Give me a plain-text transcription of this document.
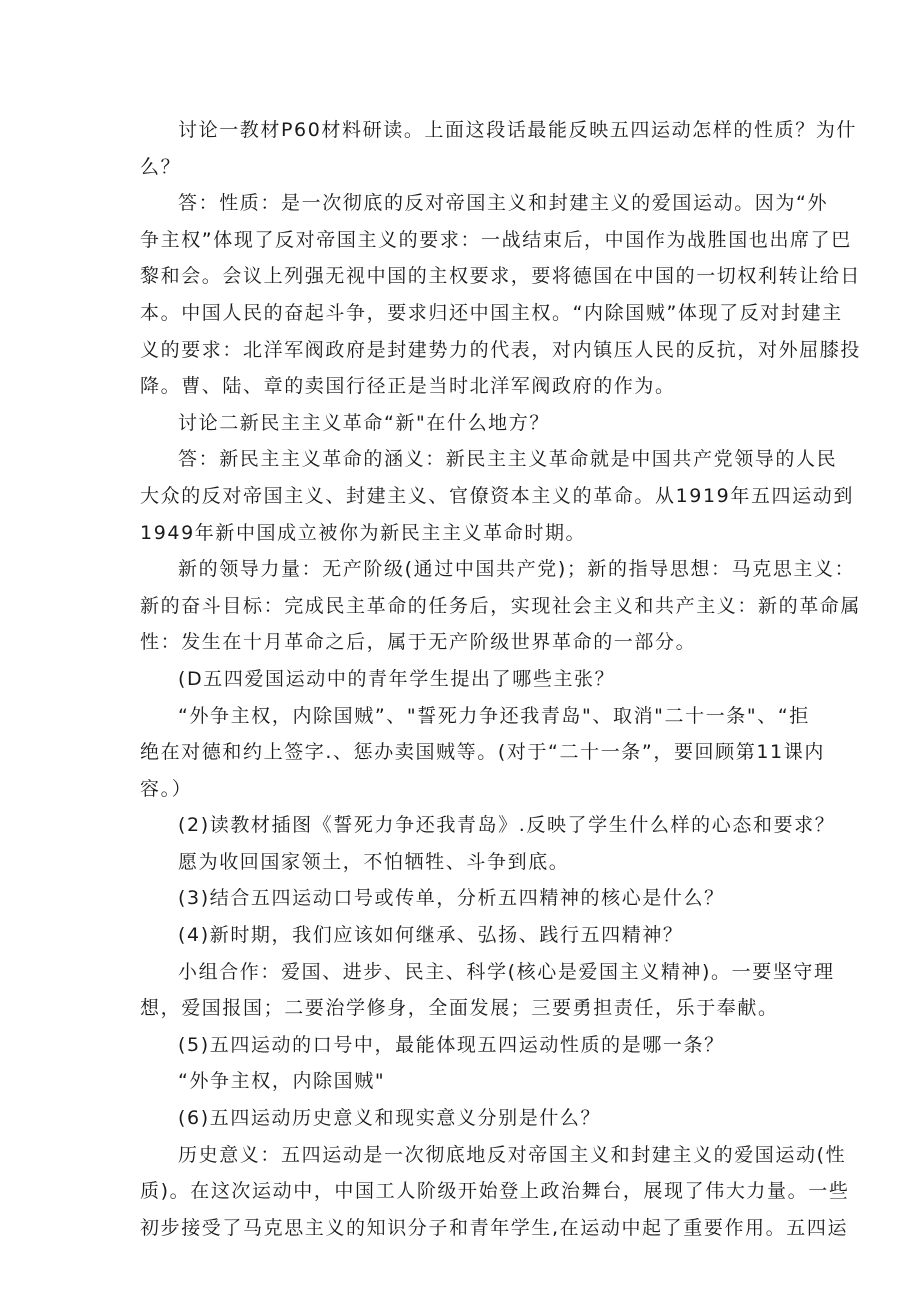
讨论一教材P60材料研读。上面这段话最能反映五四运动怎样的性质？为什
么？
答：性质：是一次彻底的反对帝国主义和封建主义的爱国运动。因为“外
争主权”体现了反对帝国主义的要求：一战结束后，中国作为战胜国也出席了巴
黎和会。会议上列强无视中国的主权要求，要将德国在中国的一切权利转让给日
本。中国人民的奋起斗争，要求归还中国主权。“内除国贼”体现了反对封建主
义的要求：北洋军阀政府是封建势力的代表，对内镇压人民的反抗，对外屈膝投
降。曹、陆、章的卖国行径正是当时北洋军阀政府的作为。
讨论二新民主主义革命“新"在什么地方？
答：新民主主义革命的涵义：新民主主义革命就是中国共产党领导的人民
大众的反对帝国主义、封建主义、官僚资本主义的革命。从1919年五四运动到
1949年新中国成立被你为新民主主义革命时期。
新的领导力量：无产阶级(通过中国共产党)；新的指导思想：马克思主义：
新的奋斗目标：完成民主革命的任务后，实现社会主义和共产主义：新的革命属
性：发生在十月革命之后，属于无产阶级世界革命的一部分。
(D五四爱国运动中的青年学生提出了哪些主张？
“外争主权，内除国贼”、"誓死力争还我青岛"、取消"二十一条"、“拒
绝在对德和约上签字.、惩办卖国贼等。(对于“二十一条”，要回顾第11课内
容。）
(2)读教材插图《誓死力争还我青岛》.反映了学生什么样的心态和要求？
愿为收回国家领土，不怕牺牲、斗争到底。
(3)结合五四运动口号或传单，分析五四精神的核心是什么？
(4)新时期，我们应该如何继承、弘扬、践行五四精神？
小组合作：爱国、进步、民主、科学(核心是爱国主义精神)。一要坚守理
想，爱国报国；二要治学修身，全面发展；三要勇担责任，乐于奉献。
(5)五四运动的口号中，最能体现五四运动性质的是哪一条？
“外争主权，内除国贼"
(6)五四运动历史意义和现实意义分别是什么？
历史意义：五四运动是一次彻底地反对帝国主义和封建主义的爱国运动(性
质)。在这次运动中，中国工人阶级开始登上政治舞台，展现了伟大力量。一些
初步接受了马克思主义的知识分子和青年学生,在运动中起了重要作用。五四运
